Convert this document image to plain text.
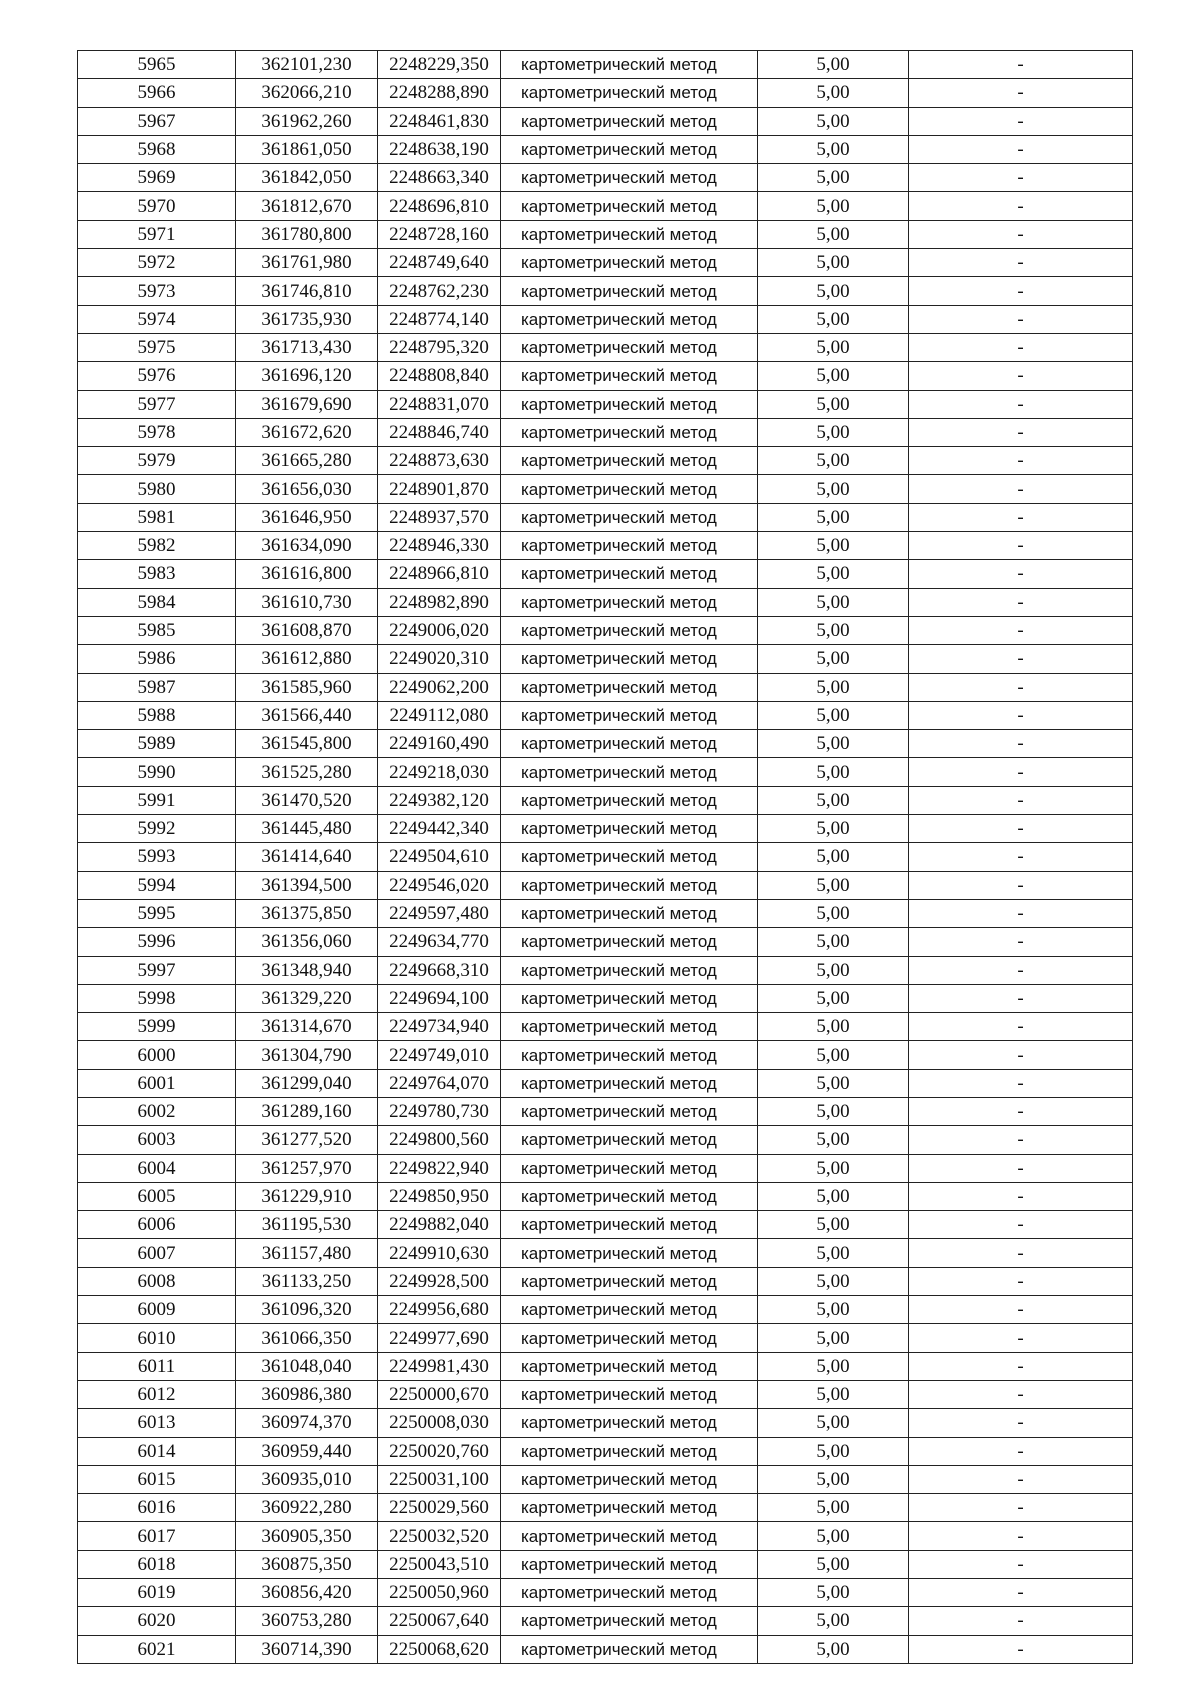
5965	362101,230	2248229,350	картометрический метод	5,00	-
5966	362066,210	2248288,890	картометрический метод	5,00	-
5967	361962,260	2248461,830	картометрический метод	5,00	-
5968	361861,050	2248638,190	картометрический метод	5,00	-
5969	361842,050	2248663,340	картометрический метод	5,00	-
5970	361812,670	2248696,810	картометрический метод	5,00	-
5971	361780,800	2248728,160	картометрический метод	5,00	-
5972	361761,980	2248749,640	картометрический метод	5,00	-
5973	361746,810	2248762,230	картометрический метод	5,00	-
5974	361735,930	2248774,140	картометрический метод	5,00	-
5975	361713,430	2248795,320	картометрический метод	5,00	-
5976	361696,120	2248808,840	картометрический метод	5,00	-
5977	361679,690	2248831,070	картометрический метод	5,00	-
5978	361672,620	2248846,740	картометрический метод	5,00	-
5979	361665,280	2248873,630	картометрический метод	5,00	-
5980	361656,030	2248901,870	картометрический метод	5,00	-
5981	361646,950	2248937,570	картометрический метод	5,00	-
5982	361634,090	2248946,330	картометрический метод	5,00	-
5983	361616,800	2248966,810	картометрический метод	5,00	-
5984	361610,730	2248982,890	картометрический метод	5,00	-
5985	361608,870	2249006,020	картометрический метод	5,00	-
5986	361612,880	2249020,310	картометрический метод	5,00	-
5987	361585,960	2249062,200	картометрический метод	5,00	-
5988	361566,440	2249112,080	картометрический метод	5,00	-
5989	361545,800	2249160,490	картометрический метод	5,00	-
5990	361525,280	2249218,030	картометрический метод	5,00	-
5991	361470,520	2249382,120	картометрический метод	5,00	-
5992	361445,480	2249442,340	картометрический метод	5,00	-
5993	361414,640	2249504,610	картометрический метод	5,00	-
5994	361394,500	2249546,020	картометрический метод	5,00	-
5995	361375,850	2249597,480	картометрический метод	5,00	-
5996	361356,060	2249634,770	картометрический метод	5,00	-
5997	361348,940	2249668,310	картометрический метод	5,00	-
5998	361329,220	2249694,100	картометрический метод	5,00	-
5999	361314,670	2249734,940	картометрический метод	5,00	-
6000	361304,790	2249749,010	картометрический метод	5,00	-
6001	361299,040	2249764,070	картометрический метод	5,00	-
6002	361289,160	2249780,730	картометрический метод	5,00	-
6003	361277,520	2249800,560	картометрический метод	5,00	-
6004	361257,970	2249822,940	картометрический метод	5,00	-
6005	361229,910	2249850,950	картометрический метод	5,00	-
6006	361195,530	2249882,040	картометрический метод	5,00	-
6007	361157,480	2249910,630	картометрический метод	5,00	-
6008	361133,250	2249928,500	картометрический метод	5,00	-
6009	361096,320	2249956,680	картометрический метод	5,00	-
6010	361066,350	2249977,690	картометрический метод	5,00	-
6011	361048,040	2249981,430	картометрический метод	5,00	-
6012	360986,380	2250000,670	картометрический метод	5,00	-
6013	360974,370	2250008,030	картометрический метод	5,00	-
6014	360959,440	2250020,760	картометрический метод	5,00	-
6015	360935,010	2250031,100	картометрический метод	5,00	-
6016	360922,280	2250029,560	картометрический метод	5,00	-
6017	360905,350	2250032,520	картометрический метод	5,00	-
6018	360875,350	2250043,510	картометрический метод	5,00	-
6019	360856,420	2250050,960	картометрический метод	5,00	-
6020	360753,280	2250067,640	картометрический метод	5,00	-
6021	360714,390	2250068,620	картометрический метод	5,00	-
